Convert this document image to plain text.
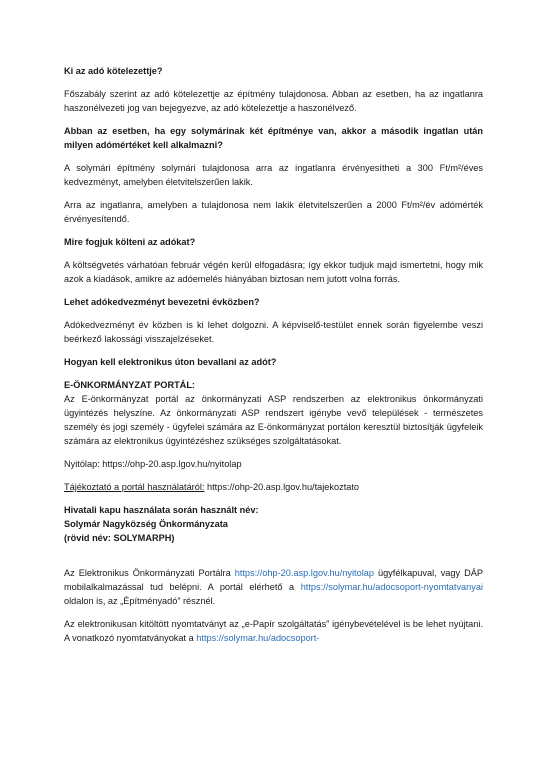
Ki az adó kötelezettje?

Főszabály szerint az adó kötelezettje az építmény tulajdonosa. Abban az esetben, ha az ingatlanra haszonélvezeti jog van bejegyezve, az adó kötelezettje a haszonélvező.

Abban az esetben, ha egy solymárinak két építménye van, akkor a második ingatlan után milyen adómértéket kell alkalmazni?

A solymári építmény solymári tulajdonosa arra az ingatlanra érvényesítheti a 300 Ft/m²/éves kedvezményt, amelyben életvitelszerűen lakik.

Arra az ingatlanra, amelyben a tulajdonosa nem lakik életvitelszerűen a 2000 Ft/m²/év adómérték érvényesítendő.

Mire fogjuk költeni az adókat?

A költségvetés várhatóan február végén kerül elfogadásra; így ekkor tudjuk majd ismertetni, hogy mik azok a kiadások, amikre az adóemelés hiányában biztosan nem jutott volna forrás.

Lehet adókedvezményt bevezetni évközben?

Adókedvezményt év közben is ki lehet dolgozni. A képviselő-testület ennek során figyelembe veszi beérkező lakossági visszajelzéseket.

Hogyan kell elektronikus úton bevallani az adót?

E-ÖNKORMÁNYZAT PORTÁL:

Az E-önkormányzat portál az önkormányzati ASP rendszerben az elektronikus önkormányzati ügyintézés helyszíne. Az önkormányzati ASP rendszert igénybe vevő települések - természetes személy és jogi személy - ügyfelei számára az E-önkormányzat portálon keresztül biztosítják ügyfeleik számára az elektronikus ügyintézéshez szükséges szolgáltatásokat.

Nyitólap: https://ohp-20.asp.lgov.hu/nyitolap

Tájékoztató a portál használatáról: https://ohp-20.asp.lgov.hu/tajekoztato

Hivatali kapu használata során használt név:

Solymár Nagyközség Önkormányzata

(rövid név: SOLYMARPH)

Az Elektronikus Önkormányzati Portálra https://ohp-20.asp.lgov.hu/nyitolap ügyfélkapuval, vagy DÁP mobilalkalmazással tud belépni. A portál elérhető a https://solymar.hu/adocsoport-nyomtatvanyai oldalon is, az „Építményadó” résznél.

Az elektronikusan kitöltött nyomtatványt az „e-Papír szolgáltatás” igénybevételével is be lehet nyújtani. A vonatkozó nyomtatványokat a https://solymar.hu/adocsoport-
